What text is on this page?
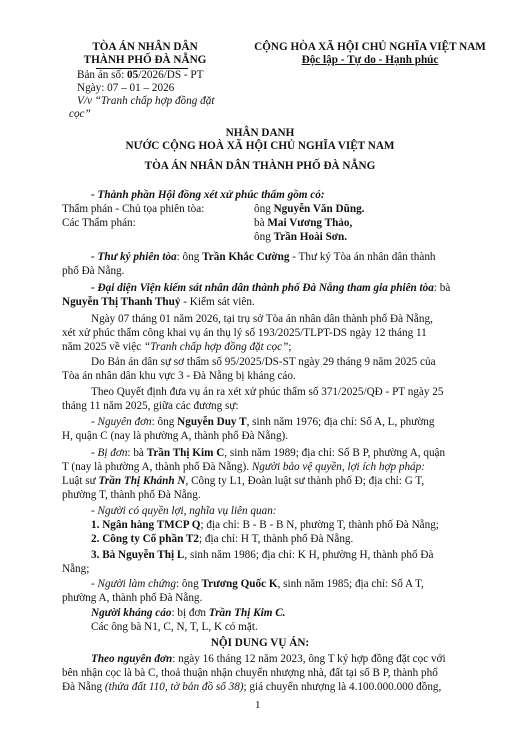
TÒA ÁN NHÂN DÂN
THÀNH PHỐ ĐÀ NẴNG
Bản án số: 05/2026/DS - PT
Ngày: 07 – 01 – 2026
V/v “Tranh chấp hợp đồng đặt
cọc”
CỘNG HÒA XÃ HỘI CHỦ NGHĨA VIỆT NAM
Độc lập - Tự do - Hạnh phúc
NHÂN DANH
NƯỚC CỘNG HOÀ XÃ HỘI CHỦ NGHĨA VIỆT NAM
TÒA ÁN NHÂN DÂN THÀNH PHỐ ĐÀ NẴNG
- Thành phần Hội đồng xét xử phúc thẩm gồm có:
Thẩm phán - Chủ tọa phiên tòa:	ông Nguyễn Văn Dũng.
Các Thẩm phán:	bà Mai Vương Thảo,
ông Trần Hoài Sơn.
- Thư ký phiên tòa: ông Trần Khắc Cường - Thư ký Tòa án nhân dân thành
phố Đà Nẵng.
- Đại diện Viện kiểm sát nhân dân thành phố Đà Nẵng tham gia phiên tòa: bà
Nguyễn Thị Thanh Thuỷ - Kiểm sát viên.
Ngày 07 tháng 01 năm 2026, tại trụ sở Tòa án nhân dân thành phố Đà Nẵng,
xét xử phúc thẩm công khai vụ án thụ lý số 193/2025/TLPT-DS ngày 12 tháng 11
năm 2025 về việc “Tranh chấp hợp đồng đặt cọc”;
Do Bản án dân sự sơ thẩm số 95/2025/DS-ST ngày 29 tháng 9 năm 2025 của
Tòa án nhân dân khu vực 3 - Đà Nẵng bị kháng cáo.
Theo Quyết định đưa vụ án ra xét xử phúc thẩm số 371/2025/QĐ - PT ngày 25
tháng 11 năm 2025, giữa các đương sự:
- Nguyên đơn: ông Nguyễn Duy T, sinh năm 1976; địa chỉ: Số A, L, phường
H, quận C (nay là phường A, thành phố Đà Nẵng).
- Bị đơn: bà Trần Thị Kim C, sinh năm 1989; địa chỉ: Số B P, phường A, quận
T (nay là phường A, thành phố Đà Nẵng). Người bảo vệ quyền, lợi ích hợp pháp:
Luật sư Trần Thị Khánh N, Công ty L1, Đoàn luật sư thành phố Đ; địa chỉ: G T,
phường T, thành phố Đà Nẵng.
- Người có quyền lợi, nghĩa vụ liên quan:
1. Ngân hàng TMCP Q; địa chỉ: B - B - B N, phường T, thành phố Đà Nẵng;
2. Công ty Cổ phần T2; địa chỉ: H T, thành phố Đà Nẵng.
3. Bà Nguyễn Thị L, sinh năm 1986; địa chỉ: K H, phường H, thành phố Đà
Nẵng;
- Người làm chứng: ông Trương Quốc K, sinh năm 1985; địa chỉ: Số A T,
phường A, thành phố Đà Nẵng.
Người kháng cáo: bị đơn Trần Thị Kim C.
Các ông bà N1, C, N, T, L, K có mặt.
NỘI DUNG VỤ ÁN:
Theo nguyên đơn: ngày 16 tháng 12 năm 2023, ông T ký hợp đồng đặt cọc với
bên nhận cọc là bà C, thoả thuận nhận chuyển nhượng nhà, đất tại số B P, thành phố
Đà Nẵng (thửa đất 110, tờ bản đồ số 38); giá chuyển nhượng là 4.100.000.000 đồng,
1
